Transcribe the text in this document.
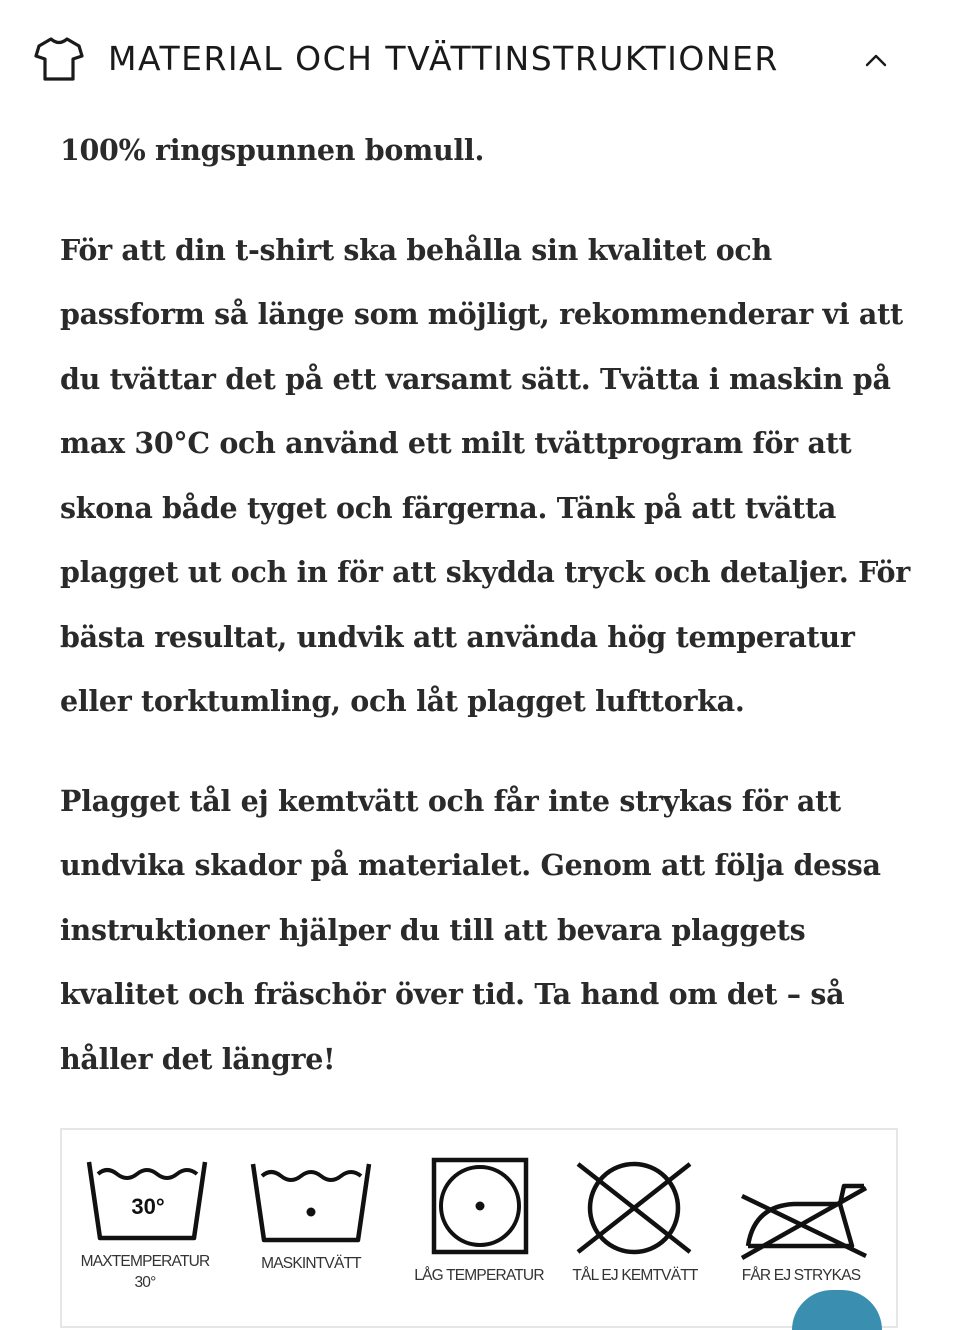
MATERIAL OCH TVÄTTINSTRUKTIONER

100% ringspunnen bomull.

För att din t-shirt ska behålla sin kvalitet och passform så länge som möjligt, rekommenderar vi att du tvättar det på ett varsamt sätt. Tvätta i maskin på max 30°C och använd ett milt tvättprogram för att skona både tyget och färgerna. Tänk på att tvätta plagget ut och in för att skydda tryck och detaljer. För bästa resultat, undvik att använda hög temperatur eller torktumling, och låt plagget lufttorka.

Plagget tål ej kemtvätt och får inte strykas för att undvika skador på materialet. Genom att följa dessa instruktioner hjälper du till att bevara plaggets kvalitet och fräschör över tid. Ta hand om det – så håller det längre!

30°
MAXTEMPERATUR
30°
MASKINTVÄTT
LÅG TEMPERATUR	TÅL EJ KEMTVÄTT	FÅR EJ STRYKAS
